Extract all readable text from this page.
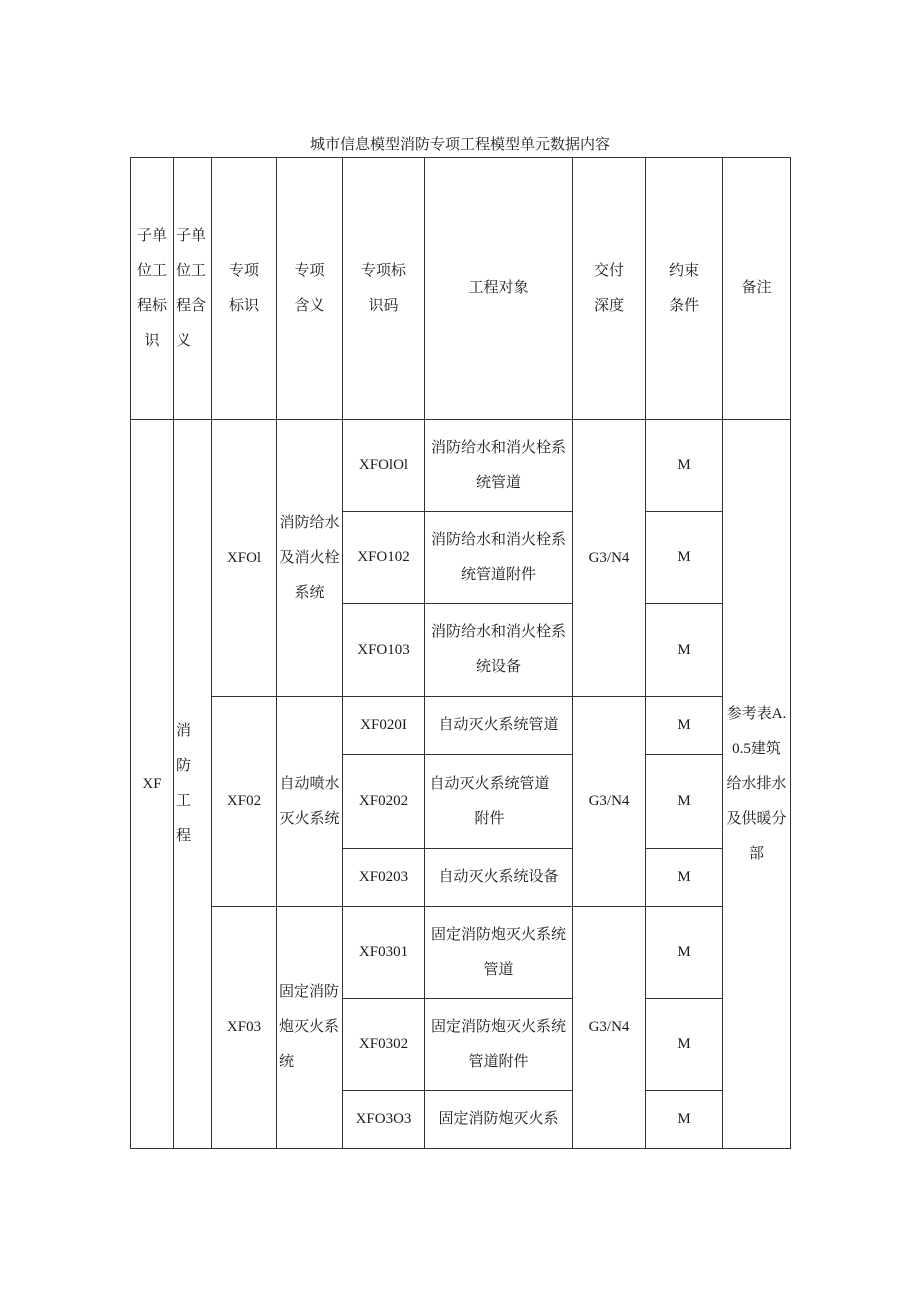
城市信息模型消防专项工程模型单元数据内容
子单位工程标识	子单位工程含义	专项标识	专项含义	专项标识码	工程对象	交付深度	约束条件	备注
XF	消防工程	XFOl	消防给水及消火栓系统	XFOlOl	消防给水和消火栓系统管道	G3/N4	M	参考表A.0.5建筑给水排水及供暖分部
				XFO102	消防给水和消火栓系统管道附件		M	
				XFO103	消防给水和消火栓系统设备		M	
		XF02	自动喷水灭火系统	XF020I	自动灭火系统管道	G3/N4	M	
				XF0202	自动灭火系统管道附件		M	
				XF0203	自动灭火系统设备		M	
		XF03	固定消防炮灭火系统	XF0301	固定消防炮灭火系统管道	G3/N4	M	
				XF0302	固定消防炮灭火系统管道附件		M	
				XFO3O3	固定消防炮灭火系		M	
